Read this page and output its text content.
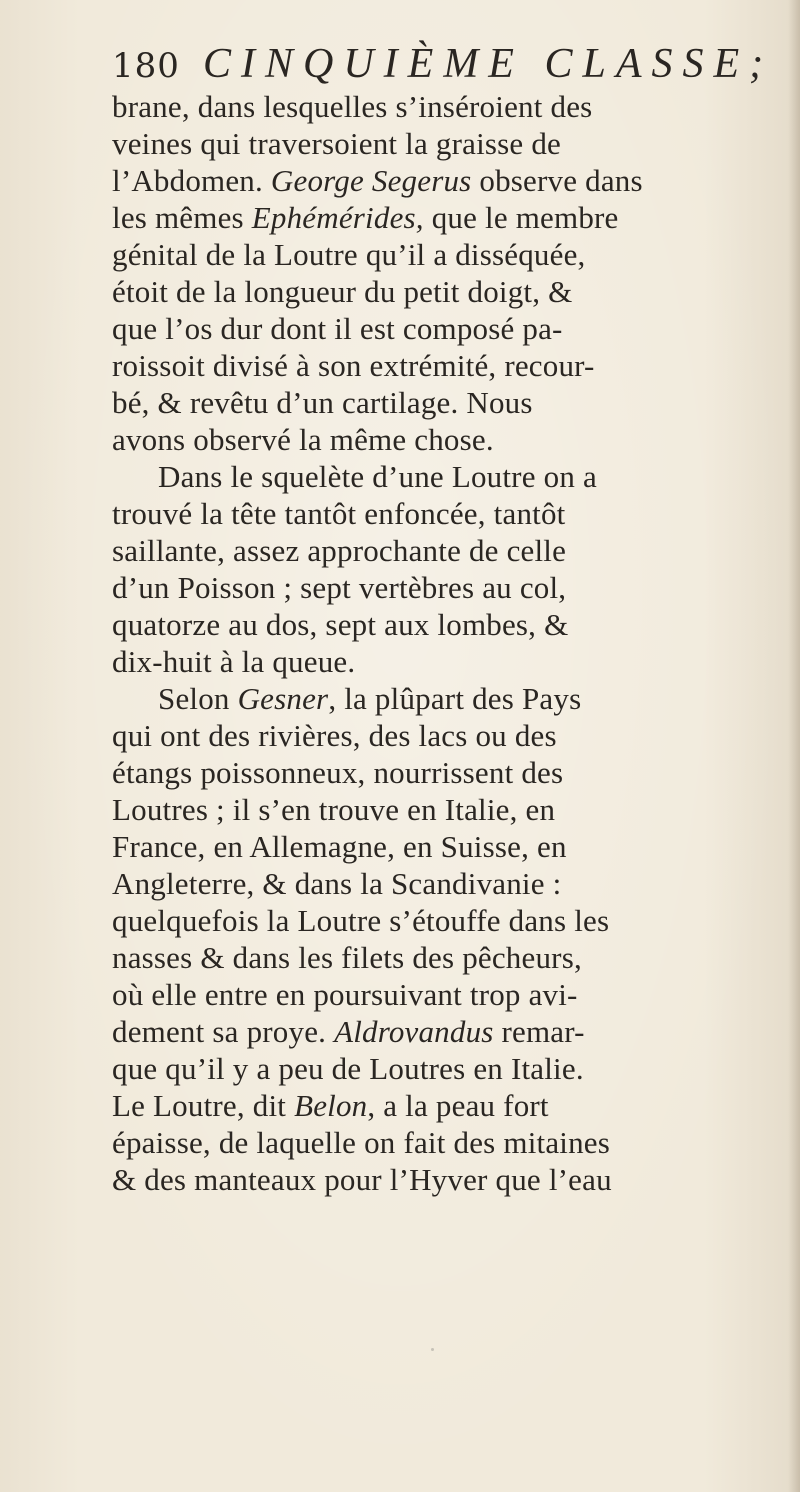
180 CINQUIÈME CLASSE;
brane, dans lesquelles s’inséroient des
veines qui traversoient la graisse de
l’Abdomen. George Segerus observe dans
les mêmes Ephémérides, que le membre
génital de la Loutre qu’il a disséquée,
étoit de la longueur du petit doigt, &
que l’os dur dont il est composé pa-
roissoit divisé à son extrémité, recour-
bé, & revêtu d’un cartilage. Nous
avons observé la même chose.
Dans le squelète d’une Loutre on a
trouvé la tête tantôt enfoncée, tantôt
saillante, assez approchante de celle
d’un Poisson ; sept vertèbres au col,
quatorze au dos, sept aux lombes, &
dix-huit à la queue.
Selon Gesner, la plûpart des Pays
qui ont des rivières, des lacs ou des
étangs poissonneux, nourrissent des
Loutres ; il s’en trouve en Italie, en
France, en Allemagne, en Suisse, en
Angleterre, & dans la Scandivanie :
quelquefois la Loutre s’étouffe dans les
nasses & dans les filets des pêcheurs,
où elle entre en poursuivant trop avi-
dement sa proye. Aldrovandus remar-
que qu’il y a peu de Loutres en Italie.
Le Loutre, dit Belon, a la peau fort
épaisse, de laquelle on fait des mitaines
& des manteaux pour l’Hyver que l’eau
